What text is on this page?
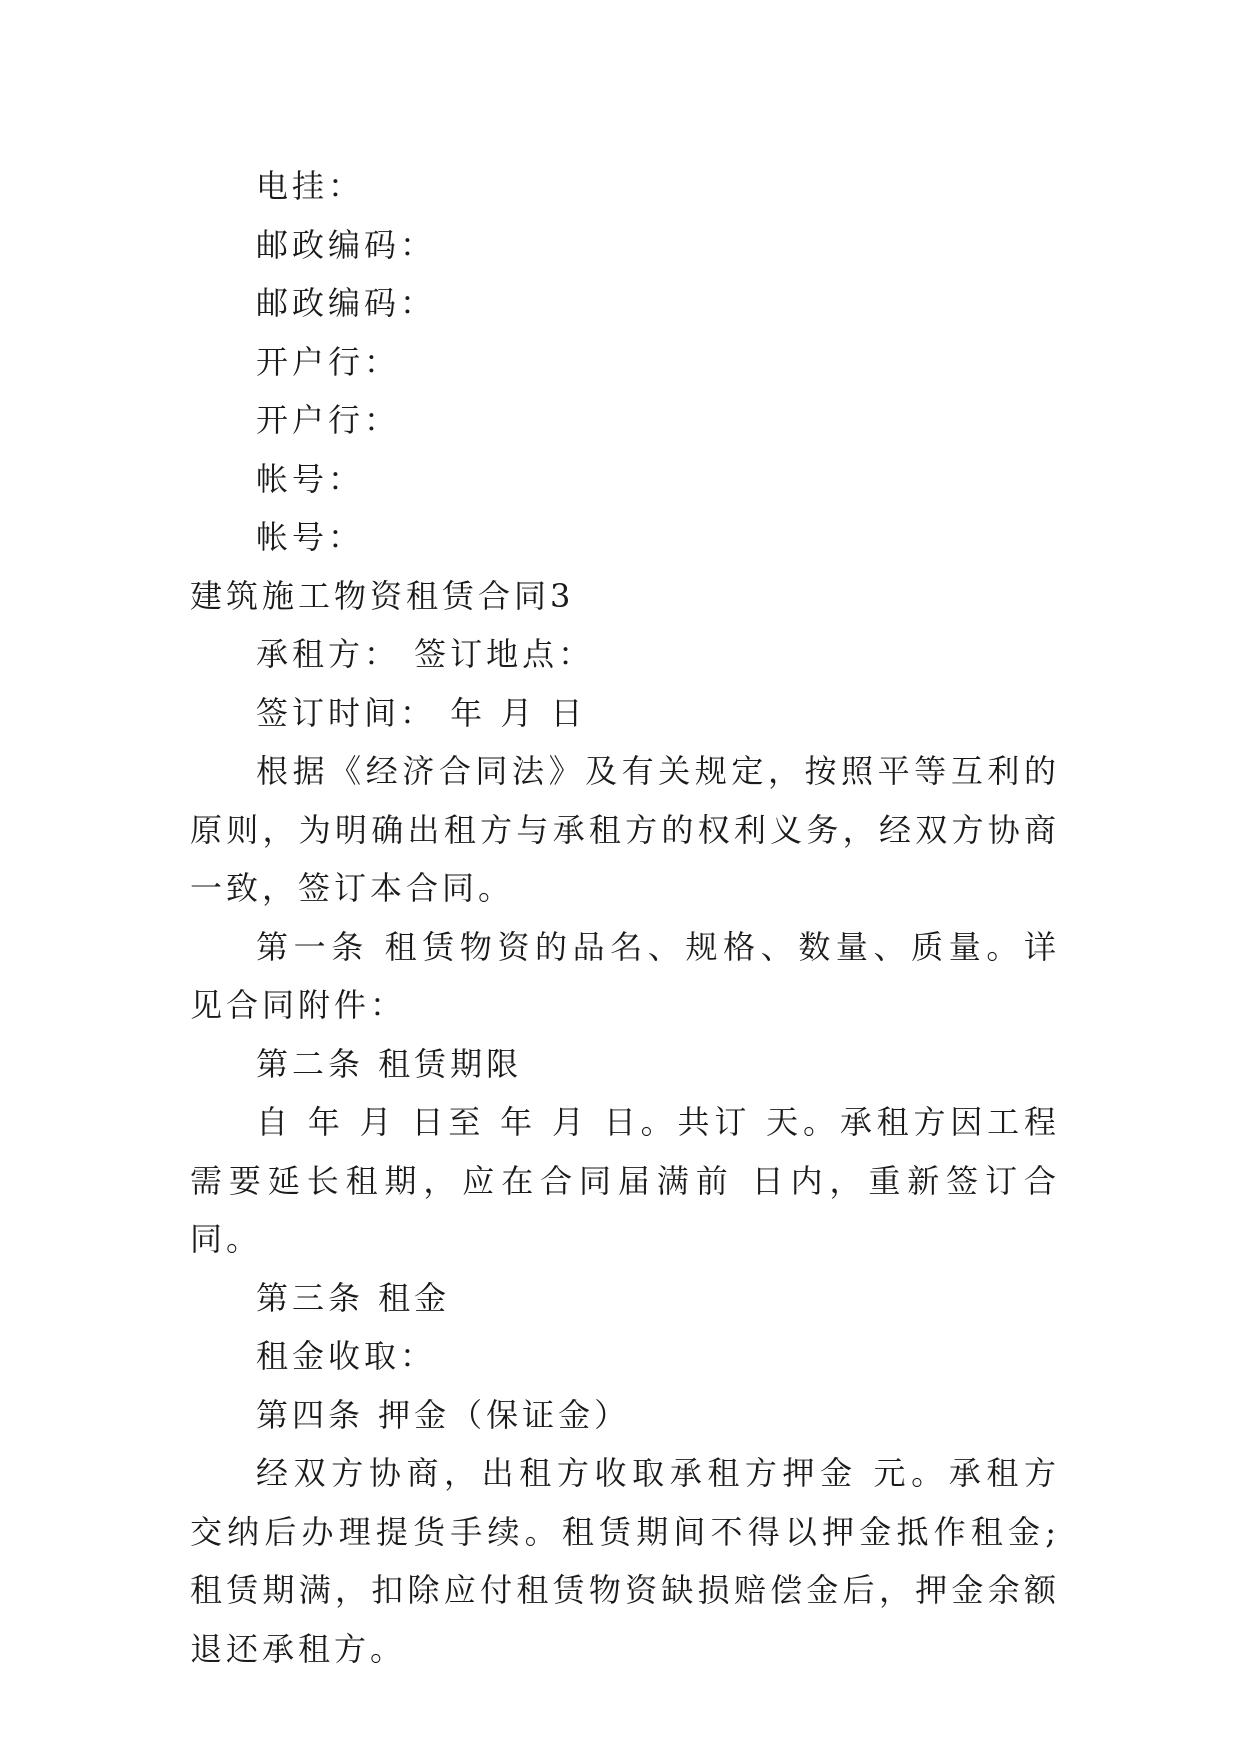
电挂：
邮政编码：
邮政编码：
开户行：
开户行：
帐号：
帐号：
建筑施工物资租赁合同3
承租方： 签订地点：
签订时间： 年 月 日

根据《经济合同法》及有关规定，按照平等互利的原则，为明确出租方与承租方的权利义务，经双方协商一致，签订本合同。

第一条 租赁物资的品名、规格、数量、质量。详见合同附件：

第二条 租赁期限

自 年 月 日至 年 月 日。共订 天。承租方因工程需要延长租期，应在合同届满前 日内，重新签订合同。

第三条 租金
租金收取：
第四条 押金（保证金）

经双方协商，出租方收取承租方押金 元。承租方交纳后办理提货手续。租赁期间不得以押金抵作租金;租赁期满，扣除应付租赁物资缺损赔偿金后，押金余额退还承租方。
